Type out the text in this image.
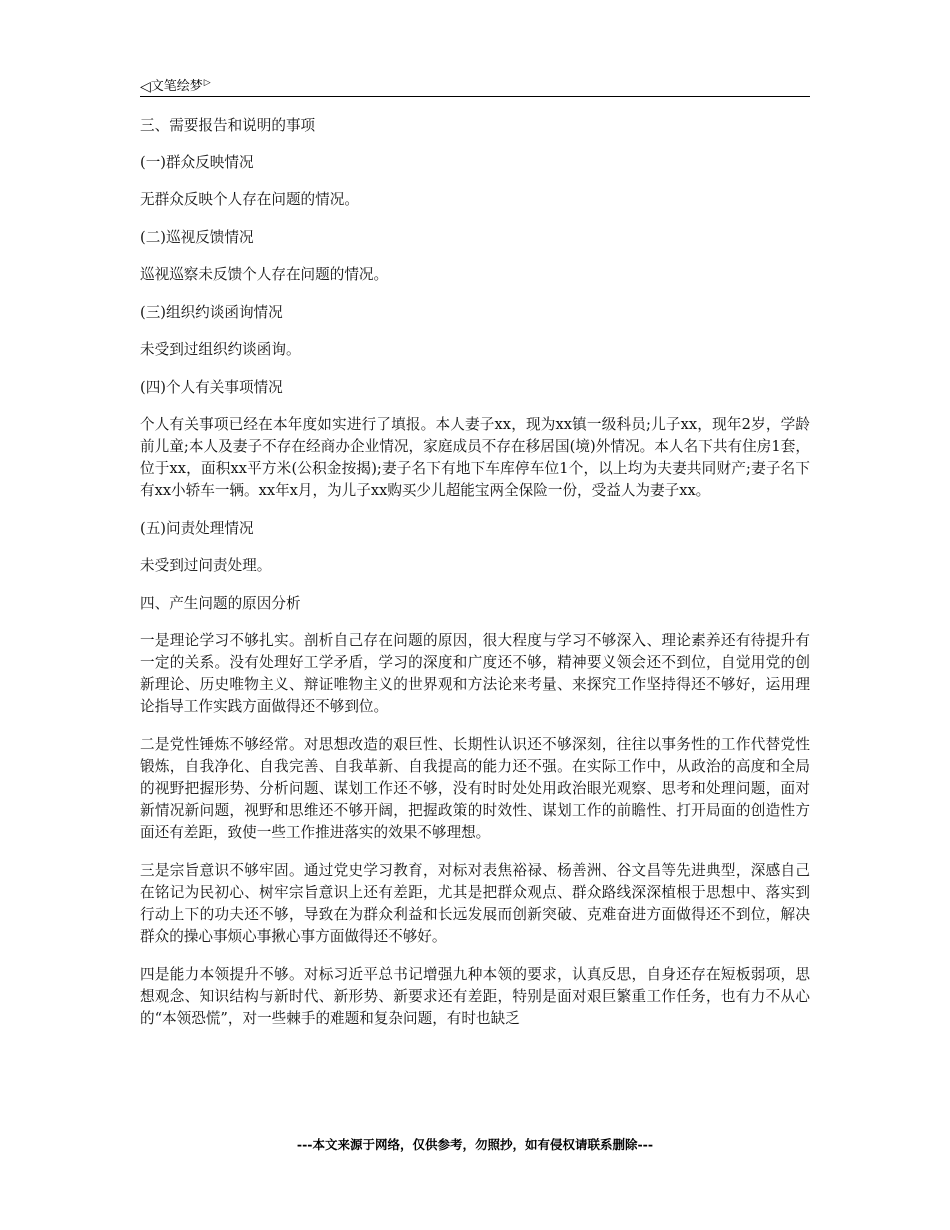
◁ 文笔绘梦 ▷

三、需要报告和说明的事项

(一)群众反映情况

无群众反映个人存在问题的情况。

(二)巡视反馈情况

巡视巡察未反馈个人存在问题的情况。

(三)组织约谈函询情况

未受到过组织约谈函询。

(四)个人有关事项情况

个人有关事项已经在本年度如实进行了填报。本人妻子xx，现为xx镇一级科员;儿子xx，现年2岁，学龄前儿童;本人及妻子不存在经商办企业情况，家庭成员不存在移居国(境)外情况。本人名下共有住房1套，位于xx，面积xx平方米(公积金按揭);妻子名下有地下车库停车位1个，以上均为夫妻共同财产;妻子名下有xx小轿车一辆。xx年x月，为儿子xx购买少儿超能宝两全保险一份，受益人为妻子xx。

(五)问责处理情况

未受到过问责处理。

四、产生问题的原因分析

一是理论学习不够扎实。剖析自己存在问题的原因，很大程度与学习不够深入、理论素养还有待提升有一定的关系。没有处理好工学矛盾，学习的深度和广度还不够，精神要义领会还不到位，自觉用党的创新理论、历史唯物主义、辩证唯物主义的世界观和方法论来考量、来探究工作坚持得还不够好，运用理论指导工作实践方面做得还不够到位。

二是党性锤炼不够经常。对思想改造的艰巨性、长期性认识还不够深刻，往往以事务性的工作代替党性锻炼，自我净化、自我完善、自我革新、自我提高的能力还不强。在实际工作中，从政治的高度和全局的视野把握形势、分析问题、谋划工作还不够，没有时时处处用政治眼光观察、思考和处理问题，面对新情况新问题，视野和思维还不够开阔，把握政策的时效性、谋划工作的前瞻性、打开局面的创造性方面还有差距，致使一些工作推进落实的效果不够理想。

三是宗旨意识不够牢固。通过党史学习教育，对标对表焦裕禄、杨善洲、谷文昌等先进典型，深感自己在铭记为民初心、树牢宗旨意识上还有差距，尤其是把群众观点、群众路线深深植根于思想中、落实到行动上下的功夫还不够，导致在为群众利益和长远发展而创新突破、克难奋进方面做得还不到位，解决群众的操心事烦心事揪心事方面做得还不够好。

四是能力本领提升不够。对标习近平总书记增强九种本领的要求，认真反思，自身还存在短板弱项，思想观念、知识结构与新时代、新形势、新要求还有差距，特别是面对艰巨繁重工作任务，也有力不从心的“本领恐慌”，对一些棘手的难题和复杂问题，有时也缺乏

---本文来源于网络，仅供参考，勿照抄，如有侵权请联系删除---
